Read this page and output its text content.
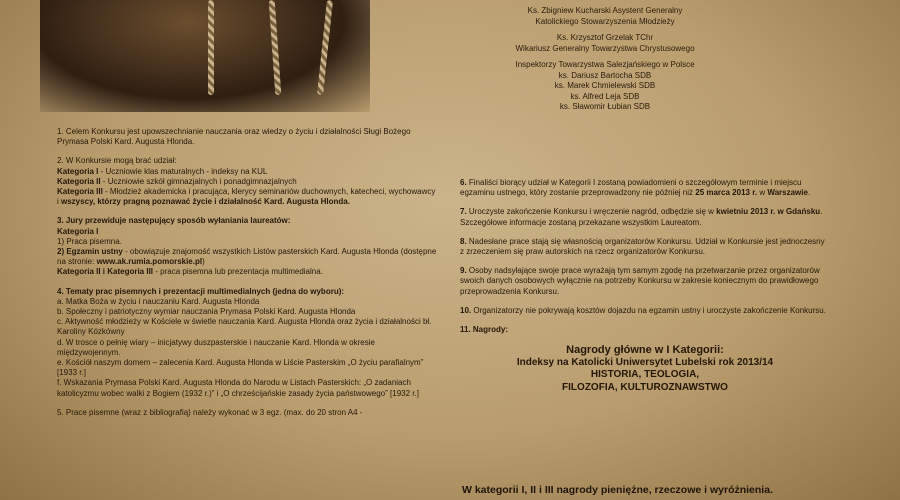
Ks. Zbigniew Kucharski Asystent Generalny
Katolickiego Stowarzyszenia Młodzieży

Ks. Krzysztof Grzelak TChr
Wikariusz Generalny Towarzystwa Chrystusowego

Inspektorzy Towarzystwa Salezjańskiego w Polsce
ks. Dariusz Bartocha SDB
ks. Marek Chmielewski SDB
ks. Alfred Leja SDB
ks. Sławomir Łubian SDB

1. Celem Konkursu jest upowszechnianie nauczania oraz wiedzy o życiu i działalności Sługi Bożego Prymasa Polski Kard. Augusta Hlonda.

2. W Konkursie mogą brać udział:
Kategoria I - Uczniowie klas maturalnych - indeksy na KUL
Kategoria II - Uczniowie szkół gimnazjalnych i ponadgimnazjalnych
Kategoria III - Młodzież akademicka i pracująca, klerycy seminariów duchownych, katecheci, wychowawcy i wszyscy, którzy pragną poznawać życie i działalność Kard. Augusta Hlonda.

3. Jury przewiduje następujący sposób wyłaniania laureatów:
Kategoria I
1) Praca pisemna.
2) Egzamin ustny - obowiązuje znajomość wszystkich Listów pasterskich Kard. Augusta Hlonda (dostępne na stronie: www.ak.rumia.pomorskie.pl)
Kategoria II i Kategoria III - praca pisemna lub prezentacja multimedialna.

4. Tematy prac pisemnych i prezentacji multimedialnych (jedna do wyboru):
a. Matka Boża w życiu i nauczaniu Kard. Augusta Hlonda
b. Społeczny i patriotyczny wymiar nauczania Prymasa Polski Kard. Augusta Hlonda
c. Aktywność młodzieży w Kościele w świetle nauczania Kard. Augusta Hlonda oraz życia i działalności bł. Karoliny Kózkówny
d. W trosce o pełnię wiary – inicjatywy duszpasterskie i nauczanie Kard. Hlonda w okresie międzywojennym.
e. Kościół naszym domem – zalecenia Kard. Augusta Hlonda w Liście Pasterskim „O życiu parafialnym” [1933 r.]
f. Wskazania Prymasa Polski Kard. Augusta Hlonda do Narodu w Listach Pasterskich: „O zadaniach katolicyzmu wobec walki z Bogiem (1932 r.)” i „O chrześcijańskie zasady życia państwowego” [1932 r.]

5. Prace pisemne (wraz z bibliografią) należy wykonać w 3 egz. (max. do 20 stron A4 -

6. Finaliści biorący udział w Kategorii I zostaną powiadomieni o szczegółowym terminie i miejscu egzaminu ustnego, który zostanie przeprowadzony nie później niż 25 marca 2013 r. w Warszawie.

7. Uroczyste zakończenie Konkursu i wręczenie nagród, odbędzie się w kwietniu 2013 r. w Gdańsku.
Szczegółowe informacje zostaną przekazane wszystkim Laureatom.

8. Nadesłane prace stają się własnością organizatorów Konkursu. Udział w Konkursie jest jednoczesny z zrzeczeniem się praw autorskich na rzecz organizatorów Konkursu.

9. Osoby nadsyłające swoje prace wyrażają tym samym zgodę na przetwarzanie przez organizatorów swoich danych osobowych wyłącznie na potrzeby Konkursu w zakresie koniecznym do prawidłowego przeprowadzenia Konkursu.

10. Organizatorzy nie pokrywają kosztów dojazdu na egzamin ustny i uroczyste zakończenie Konkursu.

11. Nagrody:

Nagrody główne w I Kategorii:
Indeksy na Katolicki Uniwersytet Lubelski rok 2013/14
HISTORIA, TEOLOGIA,
FILOZOFIA, KULTUROZNAWSTWO
W kategorii I, II i III nagrody pieniężne, rzeczowe i wyróżnienia.
